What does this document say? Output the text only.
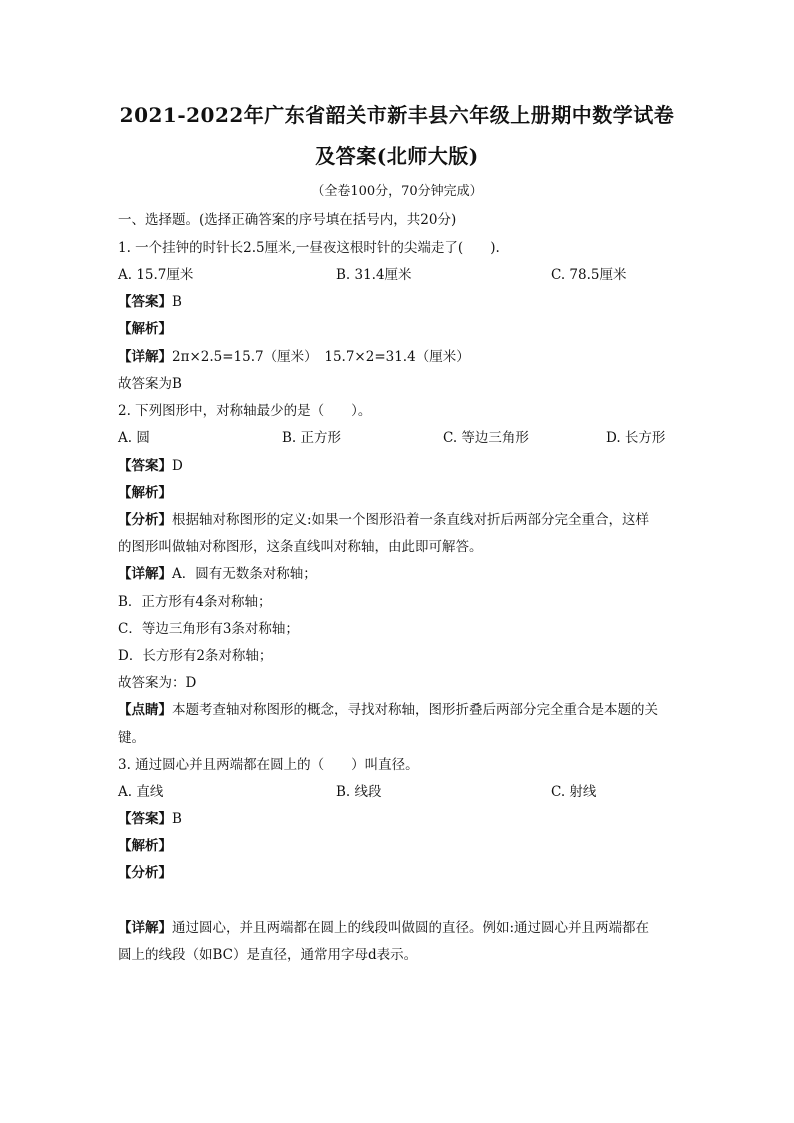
2021-2022年广东省韶关市新丰县六年级上册期中数学试卷
及答案(北师大版)
（全卷100分，70分钟完成）
一、选择题。(选择正确答案的序号填在括号内，共20分)
1. 一个挂钟的时针长2.5厘米,一昼夜这根时针的尖端走了(　　).
A. 15.7厘米	B. 31.4厘米	C. 78.5厘米
【答案】B
【解析】
【详解】2π×2.5=15.7（厘米）　15.7×2=31.4（厘米）
故答案为B
2. 下列图形中，对称轴最少的是（　　）。
A. 圆	B. 正方形	C. 等边三角形	D. 长方形
【答案】D
【解析】
【分析】根据轴对称图形的定义:如果一个图形沿着一条直线对折后两部分完全重合，这样
的图形叫做轴对称图形，这条直线叫对称轴，由此即可解答。
【详解】A．圆有无数条对称轴；
B．正方形有4条对称轴；
C．等边三角形有3条对称轴；
D．长方形有2条对称轴；
故答案为：D
【点睛】本题考查轴对称图形的概念，寻找对称轴，图形折叠后两部分完全重合是本题的关
键。
3. 通过圆心并且两端都在圆上的（　　）叫直径。
A. 直线	B. 线段	C. 射线
【答案】B
【解析】
【分析】
【详解】通过圆心，并且两端都在圆上的线段叫做圆的直径。例如:通过圆心并且两端都在
圆上的线段（如BC）是直径，通常用字母d表示。
